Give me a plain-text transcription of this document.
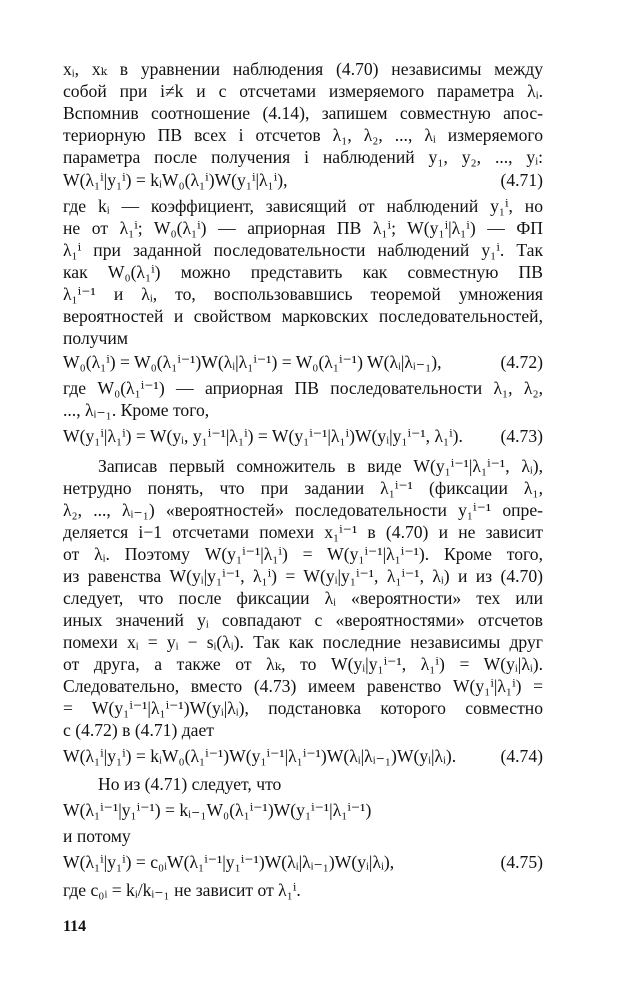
xᵢ, xₖ в уравнении наблюдения (4.70) независимы между

собой при i≠k и с отсчетами измеряемого параметра λᵢ.

Вспомнив соотношение (4.14), запишем совместную апос-

териорную ПВ всех i отсчетов λ₁, λ₂, ..., λᵢ измеряемого

параметра после получения i наблюдений y₁, y₂, ..., yᵢ:

W(λ₁ⁱ|y₁ⁱ) = kᵢW₀(λ₁ⁱ)W(y₁ⁱ|λ₁ⁱ),	(4.71)

где kᵢ — коэффициент, зависящий от наблюдений y₁ⁱ, но

не от λ₁ⁱ; W₀(λ₁ⁱ) — априорная ПВ λ₁ⁱ; W(y₁ⁱ|λ₁ⁱ) — ФП

λ₁ⁱ при заданной последовательности наблюдений y₁ⁱ. Так

как W₀(λ₁ⁱ) можно представить как совместную ПВ

λ₁ⁱ⁻¹ и λᵢ, то, воспользовавшись теоремой умножения

вероятностей и свойством марковских последовательностей,

получим

W₀(λ₁ⁱ) = W₀(λ₁ⁱ⁻¹)W(λᵢ|λ₁ⁱ⁻¹) = W₀(λ₁ⁱ⁻¹) W(λᵢ|λᵢ₋₁),	(4.72)

где W₀(λ₁ⁱ⁻¹) — априорная ПВ последовательности λ₁, λ₂,

..., λᵢ₋₁. Кроме того,

W(y₁ⁱ|λ₁ⁱ) = W(yᵢ, y₁ⁱ⁻¹|λ₁ⁱ) = W(y₁ⁱ⁻¹|λ₁ⁱ)W(yᵢ|y₁ⁱ⁻¹, λ₁ⁱ). (4.73)

Записав первый сомножитель в виде W(y₁ⁱ⁻¹|λ₁ⁱ⁻¹, λᵢ),

нетрудно понять, что при задании λ₁ⁱ⁻¹ (фиксации λ₁,

λ₂, ..., λᵢ₋₁) «вероятностей» последовательности y₁ⁱ⁻¹ опре-

деляется i−1 отсчетами помехи x₁ⁱ⁻¹ в (4.70) и не зависит

от λᵢ. Поэтому W(y₁ⁱ⁻¹|λ₁ⁱ) = W(y₁ⁱ⁻¹|λ₁ⁱ⁻¹). Кроме того,

из равенства W(yᵢ|y₁ⁱ⁻¹, λ₁ⁱ) = W(yᵢ|y₁ⁱ⁻¹, λ₁ⁱ⁻¹, λᵢ) и из (4.70)

следует, что после фиксации λᵢ «вероятности» тех или

иных значений yᵢ совпадают с «вероятностями» отсчетов

помехи xᵢ = yᵢ − sᵢ(λᵢ). Так как последние независимы друг

от друга, а также от λₖ, то W(yᵢ|y₁ⁱ⁻¹, λ₁ⁱ) = W(yᵢ|λᵢ).

Следовательно, вместо (4.73) имеем равенство W(y₁ⁱ|λ₁ⁱ) =

= W(y₁ⁱ⁻¹|λ₁ⁱ⁻¹)W(yᵢ|λᵢ), подстановка которого совместно

с (4.72) в (4.71) дает

W(λ₁ⁱ|y₁ⁱ) = kᵢW₀(λ₁ⁱ⁻¹)W(y₁ⁱ⁻¹|λ₁ⁱ⁻¹)W(λᵢ|λᵢ₋₁)W(yᵢ|λᵢ).	(4.74)

Но из (4.71) следует, что

W(λ₁ⁱ⁻¹|y₁ⁱ⁻¹) = kᵢ₋₁W₀(λ₁ⁱ⁻¹)W(y₁ⁱ⁻¹|λ₁ⁱ⁻¹)

и потому

W(λ₁ⁱ|y₁ⁱ) = c₀ᵢW(λ₁ⁱ⁻¹|y₁ⁱ⁻¹)W(λᵢ|λᵢ₋₁)W(yᵢ|λᵢ),	(4.75)

где c₀ᵢ = kᵢ/kᵢ₋₁ не зависит от λ₁ⁱ.

114
